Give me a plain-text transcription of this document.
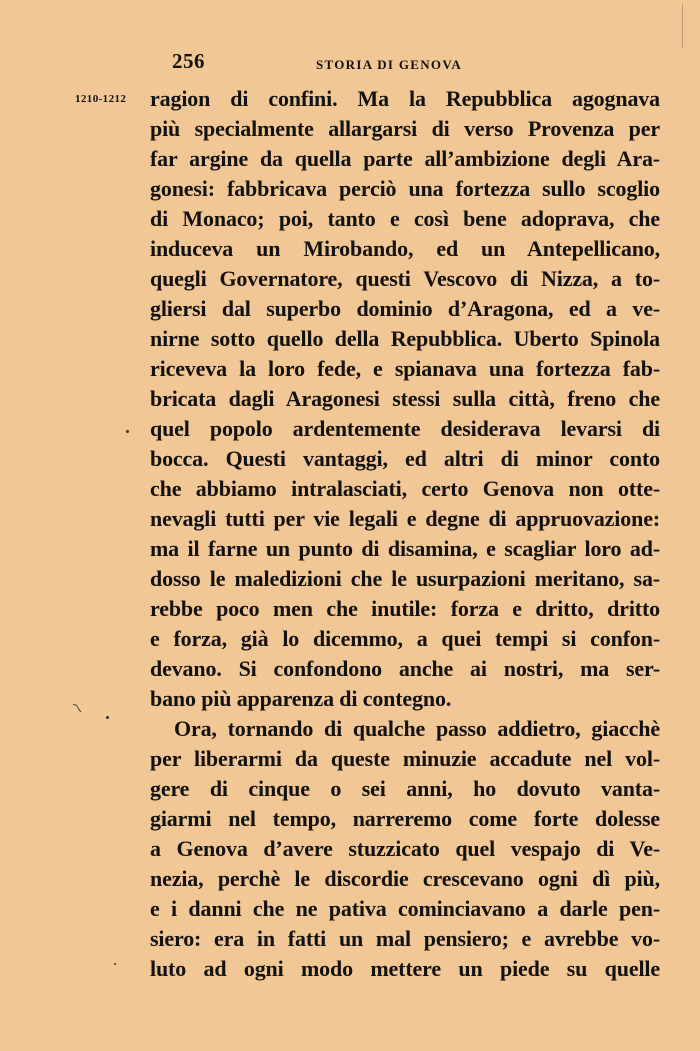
256	STORIA DI GENOVA
1210-1212 ragion di confini. Ma la Repubblica agognava
più specialmente allargarsi di verso Provenza per
far argine da quella parte all’ambizione degli Ara-
gonesi: fabbricava perciò una fortezza sullo scoglio
di Monaco; poi, tanto e così bene adoprava, che
induceva un Mirobando, ed un Antepellicano,
quegli Governatore, questi Vescovo di Nizza, a to-
gliersi dal superbo dominio d’Aragona, ed a ve-
nirne sotto quello della Repubblica. Uberto Spinola
riceveva la loro fede, e spianava una fortezza fab-
bricata dagli Aragonesi stessi sulla città, freno che
quel popolo ardentemente desiderava levarsi di
bocca. Questi vantaggi, ed altri di minor conto
che abbiamo intralasciati, certo Genova non otte-
nevagli tutti per vie legali e degne di appruovazione:
ma il farne un punto di disamina, e scagliar loro ad-
dosso le maledizioni che le usurpazioni meritano, sa-
rebbe poco men che inutile: forza e dritto, dritto
e forza, già lo dicemmo, a quei tempi si confon-
devano. Si confondono anche ai nostri, ma ser-
bano più apparenza di contegno.
Ora, tornando di qualche passo addietro, giacchè
per liberarmi da queste minuzie accadute nel vol-
gere di cinque o sei anni, ho dovuto vanta-
giarmi nel tempo, narreremo come forte dolesse
a Genova d’avere stuzzicato quel vespajo di Ve-
nezia, perchè le discordie crescevano ogni dì più,
e i danni che ne pativa cominciavano a darle pen-
siero: era in fatti un mal pensiero; e avrebbe vo-
luto ad ogni modo mettere un piede su quelle
